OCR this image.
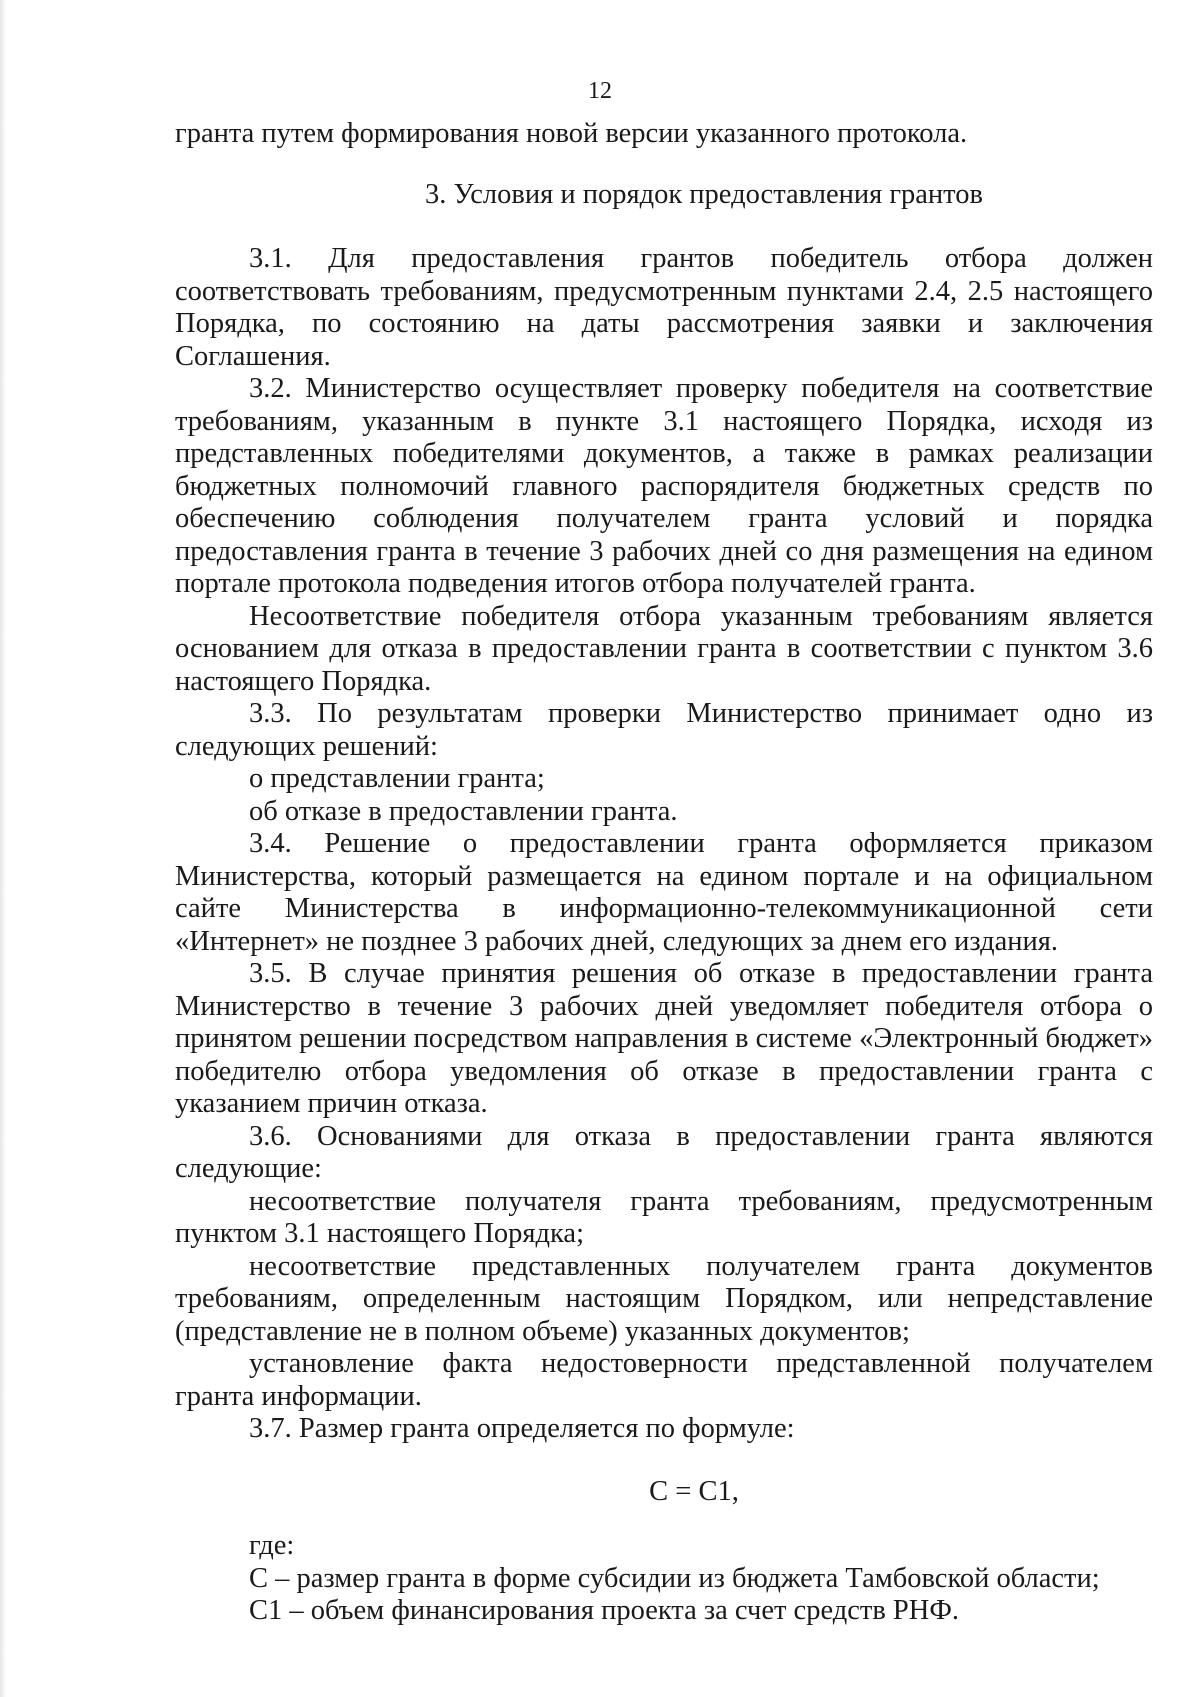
12

гранта путем формирования новой версии указанного протокола.

3. Условия и порядок предоставления грантов

3.1. Для предоставления грантов победитель отбора должен соответствовать требованиям, предусмотренным пунктами 2.4, 2.5 настоящего Порядка, по состоянию на даты рассмотрения заявки и заключения Соглашения.

3.2. Министерство осуществляет проверку победителя на соответствие требованиям, указанным в пункте 3.1 настоящего Порядка, исходя из представленных победителями документов, а также в рамках реализации бюджетных полномочий главного распорядителя бюджетных средств по обеспечению соблюдения получателем гранта условий и порядка предоставления гранта в течение 3 рабочих дней со дня размещения на едином портале протокола подведения итогов отбора получателей гранта.

Несоответствие победителя отбора указанным требованиям является основанием для отказа в предоставлении гранта в соответствии с пунктом 3.6 настоящего Порядка.

3.3. По результатам проверки Министерство принимает одно из следующих решений:

о представлении гранта;

об отказе в предоставлении гранта.

3.4. Решение о предоставлении гранта оформляется приказом Министерства, который размещается на едином портале и на официальном сайте Министерства в информационно-телекоммуникационной сети «Интернет» не позднее 3 рабочих дней, следующих за днем его издания.

3.5. В случае принятия решения об отказе в предоставлении гранта Министерство в течение 3 рабочих дней уведомляет победителя отбора о принятом решении посредством направления в системе «Электронный бюджет» победителю отбора уведомления об отказе в предоставлении гранта с указанием причин отказа.

3.6. Основаниями для отказа в предоставлении гранта являются следующие:

несоответствие получателя гранта требованиям, предусмотренным пунктом 3.1 настоящего Порядка;

несоответствие представленных получателем гранта документов требованиям, определенным настоящим Порядком, или непредставление (представление не в полном объеме) указанных документов;

установление факта недостоверности представленной получателем гранта информации.

3.7. Размер гранта определяется по формуле:

С = С1,

где:

С – размер гранта в форме субсидии из бюджета Тамбовской области;

С1 – объем финансирования проекта за счет средств РНФ.
